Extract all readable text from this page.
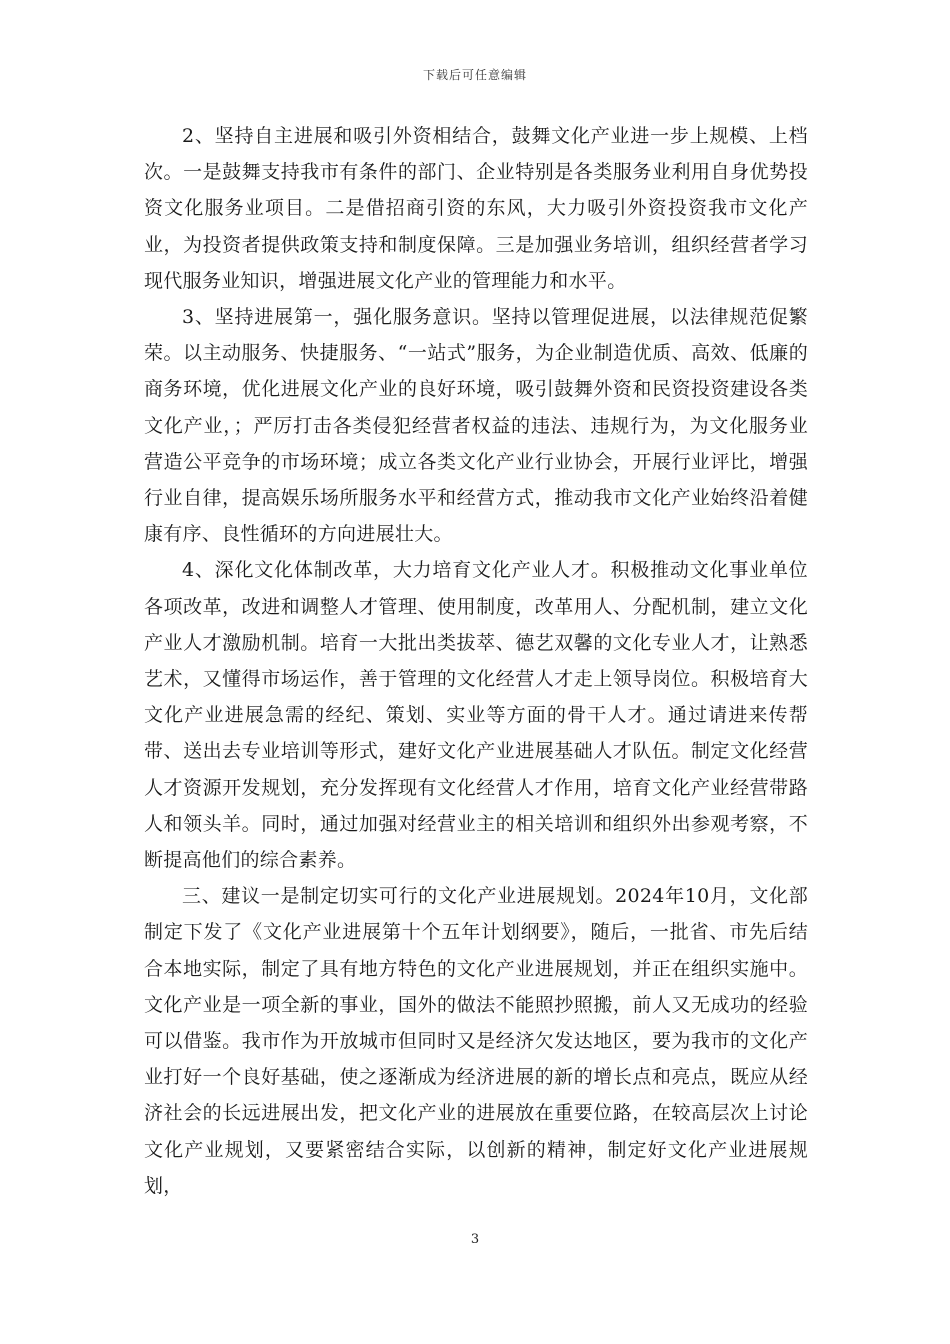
下载后可任意编辑

2、坚持自主进展和吸引外资相结合，鼓舞文化产业进一步上规模、上档次。一是鼓舞支持我市有条件的部门、企业特别是各类服务业利用自身优势投资文化服务业项目。二是借招商引资的东风，大力吸引外资投资我市文化产业，为投资者提供政策支持和制度保障。三是加强业务培训，组织经营者学习现代服务业知识，增强进展文化产业的管理能力和水平。

3、坚持进展第一，强化服务意识。坚持以管理促进展，以法律规范促繁荣。以主动服务、快捷服务、“一站式”服务，为企业制造优质、高效、低廉的商务环境，优化进展文化产业的良好环境，吸引鼓舞外资和民资投资建设各类文化产业，；严厉打击各类侵犯经营者权益的违法、违规行为，为文化服务业营造公平竞争的市场环境；成立各类文化产业行业协会，开展行业评比，增强行业自律，提高娱乐场所服务水平和经营方式，推动我市文化产业始终沿着健康有序、良性循环的方向进展壮大。

4、深化文化体制改革，大力培育文化产业人才。积极推动文化事业单位各项改革，改进和调整人才管理、使用制度，改革用人、分配机制，建立文化产业人才激励机制。培育一大批出类拔萃、德艺双馨的文化专业人才，让熟悉艺术，又懂得市场运作，善于管理的文化经营人才走上领导岗位。积极培育大文化产业进展急需的经纪、策划、实业等方面的骨干人才。通过请进来传帮带、送出去专业培训等形式，建好文化产业进展基础人才队伍。制定文化经营人才资源开发规划，充分发挥现有文化经营人才作用，培育文化产业经营带路人和领头羊。同时，通过加强对经营业主的相关培训和组织外出参观考察，不断提高他们的综合素养。

三、建议一是制定切实可行的文化产业进展规划。2024年10月，文化部制定下发了《文化产业进展第十个五年计划纲要》，随后，一批省、市先后结合本地实际，制定了具有地方特色的文化产业进展规划，并正在组织实施中。文化产业是一项全新的事业，国外的做法不能照抄照搬，前人又无成功的经验可以借鉴。我市作为开放城市但同时又是经济欠发达地区，要为我市的文化产业打好一个良好基础，使之逐渐成为经济进展的新的增长点和亮点，既应从经济社会的长远进展出发，把文化产业的进展放在重要位路，在较高层次上讨论文化产业规划，又要紧密结合实际，以创新的精神，制定好文化产业进展规划，

3
